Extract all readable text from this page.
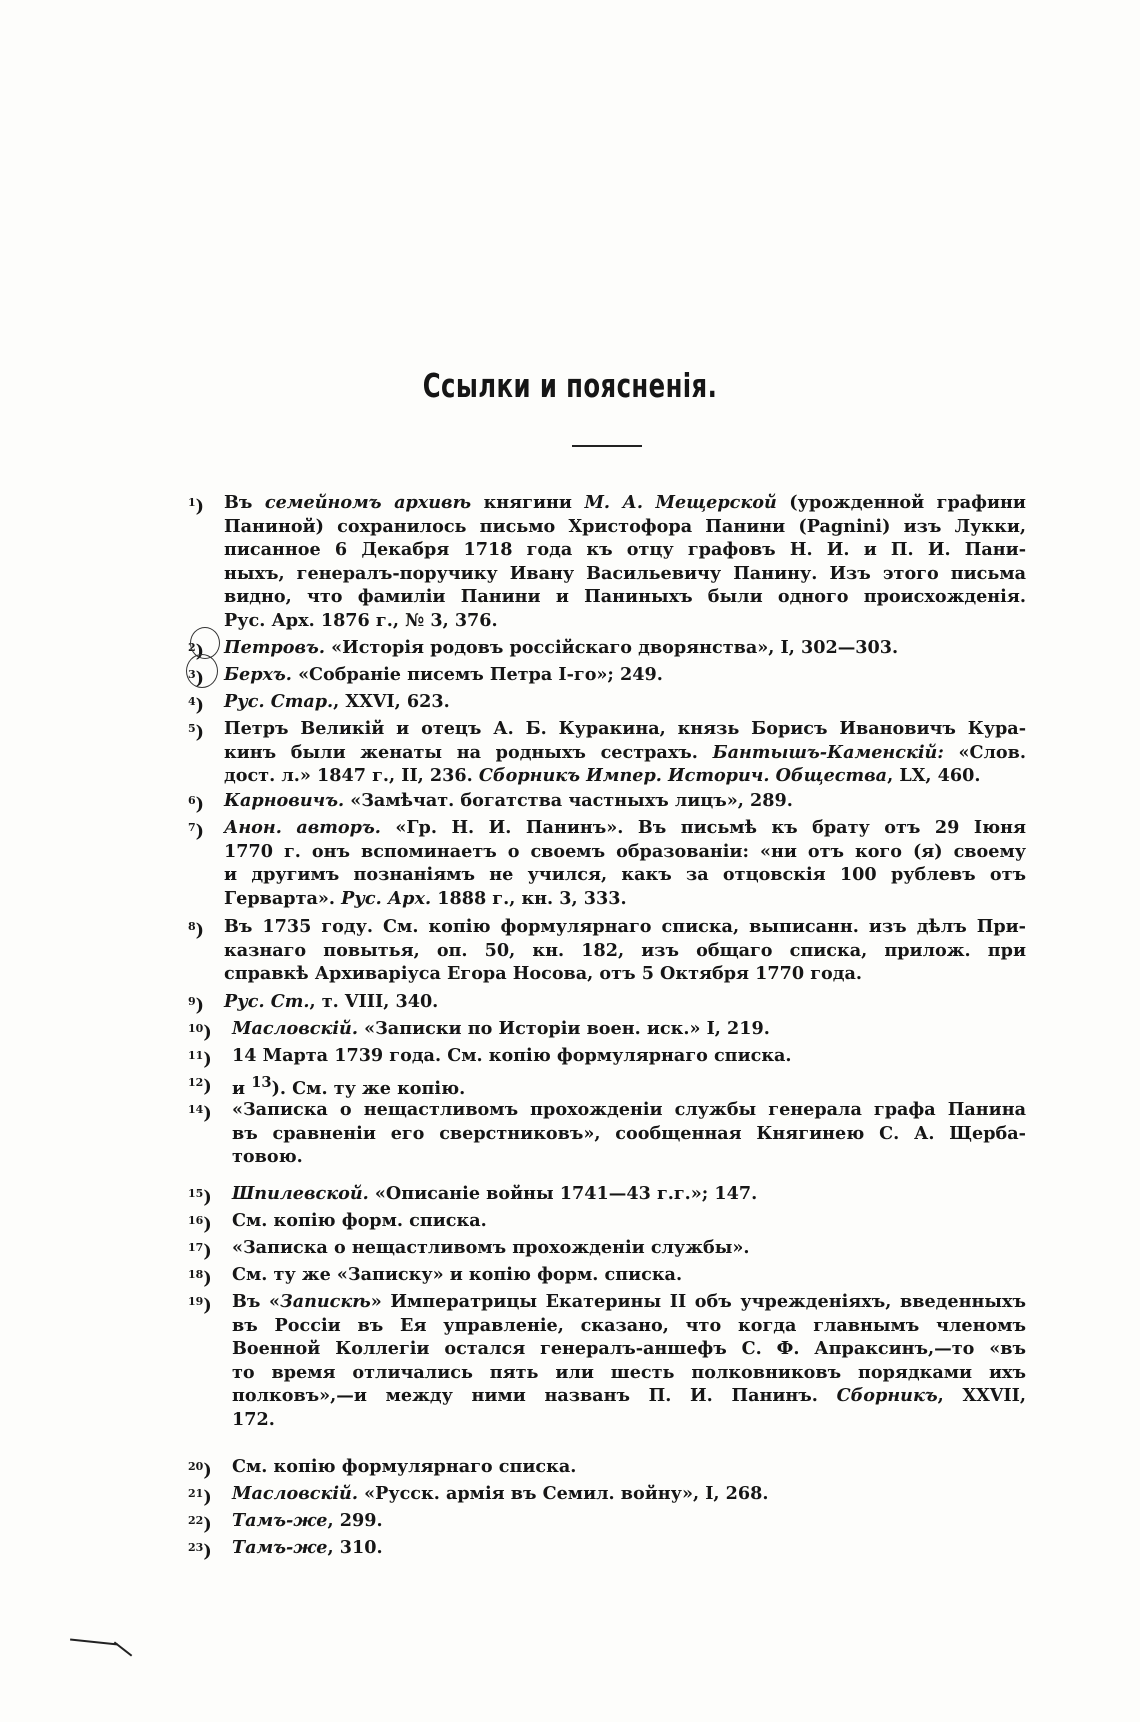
Ссылки и поясненія.
$^1$)	Въ семейномъ архивѣ княгини М. А. Мещерской (урожденной графини
Паниной) сохранилось письмо Христофора Панини (Pagnini) изъ Лукки,
писанное 6 Декабря 1718 года къ отцу графовъ Н. И. и П. И. Пани-
ныхъ, генералъ-поручику Ивану Васильевичу Панину. Изъ этого письма
видно, что фамиліи Панини и Паниныхъ были одного происхожденія.
Рус. Арх. 1876 г., № 3, 376.
$^2$)	Петровъ. «Исторія родовъ россійскаго дворянства», I, 302—303.
$^3$)	Берхъ. «Собраніе писемъ Петра I-го»; 249.
$^4$)	Рус. Стар., XXVI, 623.
$^5$)	Петръ Великій и отецъ А. Б. Куракина, князь Борисъ Ивановичъ Кура-
кинъ были женаты на родныхъ сестрахъ. Бантышъ-Каменскій: «Слов.
дост. л.» 1847 г., II, 236. Сборникъ Импер. Историч. Общества, LX, 460.
$^6$)	Карновичъ. «Замѣчат. богатства частныхъ лицъ», 289.
$^7$)	Анон. авторъ. «Гр. Н. И. Панинъ». Въ письмѣ къ брату отъ 29 Іюня
1770 г. онъ вспоминаетъ о своемъ образованіи: «ни отъ кого (я) своему
и другимъ познаніямъ не учился, какъ за отцовскія 100 рублевъ отъ
Герварта». Рус. Арх. 1888 г., кн. 3, 333.
$^8$)	Въ 1735 году. См. копію формулярнаго списка, выписанн. изъ дѣлъ При-
казнаго повытья, оп. 50, кн. 182, изъ общаго списка, прилож. при
справкѣ Архиваріуса Егора Носова, отъ 5 Октября 1770 года.
$^9$)	Рус. Ст., т. VIII, 340.
$^{10}$)	Масловскій. «Записки по Исторіи воен. иск.» I, 219.
$^{11}$)	14 Марта 1739 года. См. копію формулярнаго списка.
$^{12}$)	и $^{13}$). См. ту же копію.
$^{14}$)	«Записка о нещастливомъ прохожденіи службы генерала графа Панина
въ сравненіи его сверстниковъ», сообщенная Княгинею С. А. Щерба-
товою.
$^{15}$)	Шпилевской. «Описаніе войны 1741—43 г.г.»; 147.
$^{16}$)	См. копію форм. списка.
$^{17}$)	«Записка о нещастливомъ прохожденіи службы».
$^{18}$)	См. ту же «Записку» и копію форм. списка.
$^{19}$)	Въ «Запискѣ» Императрицы Екатерины II объ учрежденіяхъ, введенныхъ
въ Россіи въ Ея управленіе, сказано, что когда главнымъ членомъ
Военной Коллегіи остался генералъ-аншефъ С. Ф. Апраксинъ,—то «въ
то время отличались пять или шесть полковниковъ порядками ихъ
полковъ»,—и между ними названъ П. И. Панинъ. Сборникъ, XXVII,
172.
$^{20}$)	См. копію формулярнаго списка.
$^{21}$)	Масловскій. «Русск. армія въ Семил. войну», I, 268.
$^{22}$)	Тамъ-же, 299.
$^{23}$)	Тамъ-же, 310.
